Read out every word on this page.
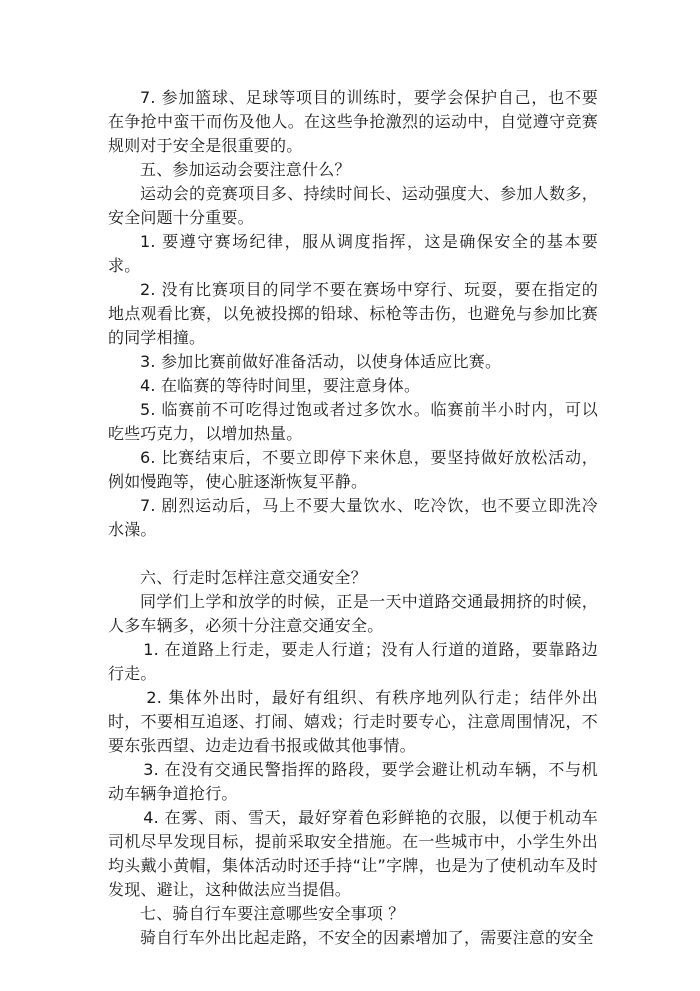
7. 参加篮球、足球等项目的训练时，要学会保护自己，也不要在争抢中蛮干而伤及他人。在这些争抢激烈的运动中，自觉遵守竞赛规则对于安全是很重要的。

五、参加运动会要注意什么？

运动会的竞赛项目多、持续时间长、运动强度大、参加人数多，安全问题十分重要。

1. 要遵守赛场纪律，服从调度指挥，这是确保安全的基本要求。

2. 没有比赛项目的同学不要在赛场中穿行、玩耍，要在指定的地点观看比赛，以免被投掷的铅球、标枪等击伤，也避免与参加比赛的同学相撞。

3. 参加比赛前做好准备活动，以使身体适应比赛。

4. 在临赛的等待时间里，要注意身体。

5. 临赛前不可吃得过饱或者过多饮水。临赛前半小时内，可以吃些巧克力，以增加热量。

6. 比赛结束后，不要立即停下来休息，要坚持做好放松活动，例如慢跑等，使心脏逐渐恢复平静。

7. 剧烈运动后，马上不要大量饮水、吃冷饮，也不要立即洗冷水澡。

六、行走时怎样注意交通安全？

同学们上学和放学的时候，正是一天中道路交通最拥挤的时候，人多车辆多，必须十分注意交通安全。

1. 在道路上行走，要走人行道；没有人行道的道路，要靠路边行走。

2. 集体外出时，最好有组织、有秩序地列队行走；结伴外出时，不要相互追逐、打闹、嬉戏；行走时要专心，注意周围情况，不要东张西望、边走边看书报或做其他事情。

3. 在没有交通民警指挥的路段，要学会避让机动车辆，不与机动车辆争道抢行。

4. 在雾、雨、雪天，最好穿着色彩鲜艳的衣服，以便于机动车司机尽早发现目标，提前采取安全措施。在一些城市中，小学生外出均头戴小黄帽，集体活动时还手持“让”字牌，也是为了使机动车及时发现、避让，这种做法应当提倡。

七、骑自行车要注意哪些安全事项 ？

骑自行车外出比起走路，不安全的因素增加了，需要注意的安全
